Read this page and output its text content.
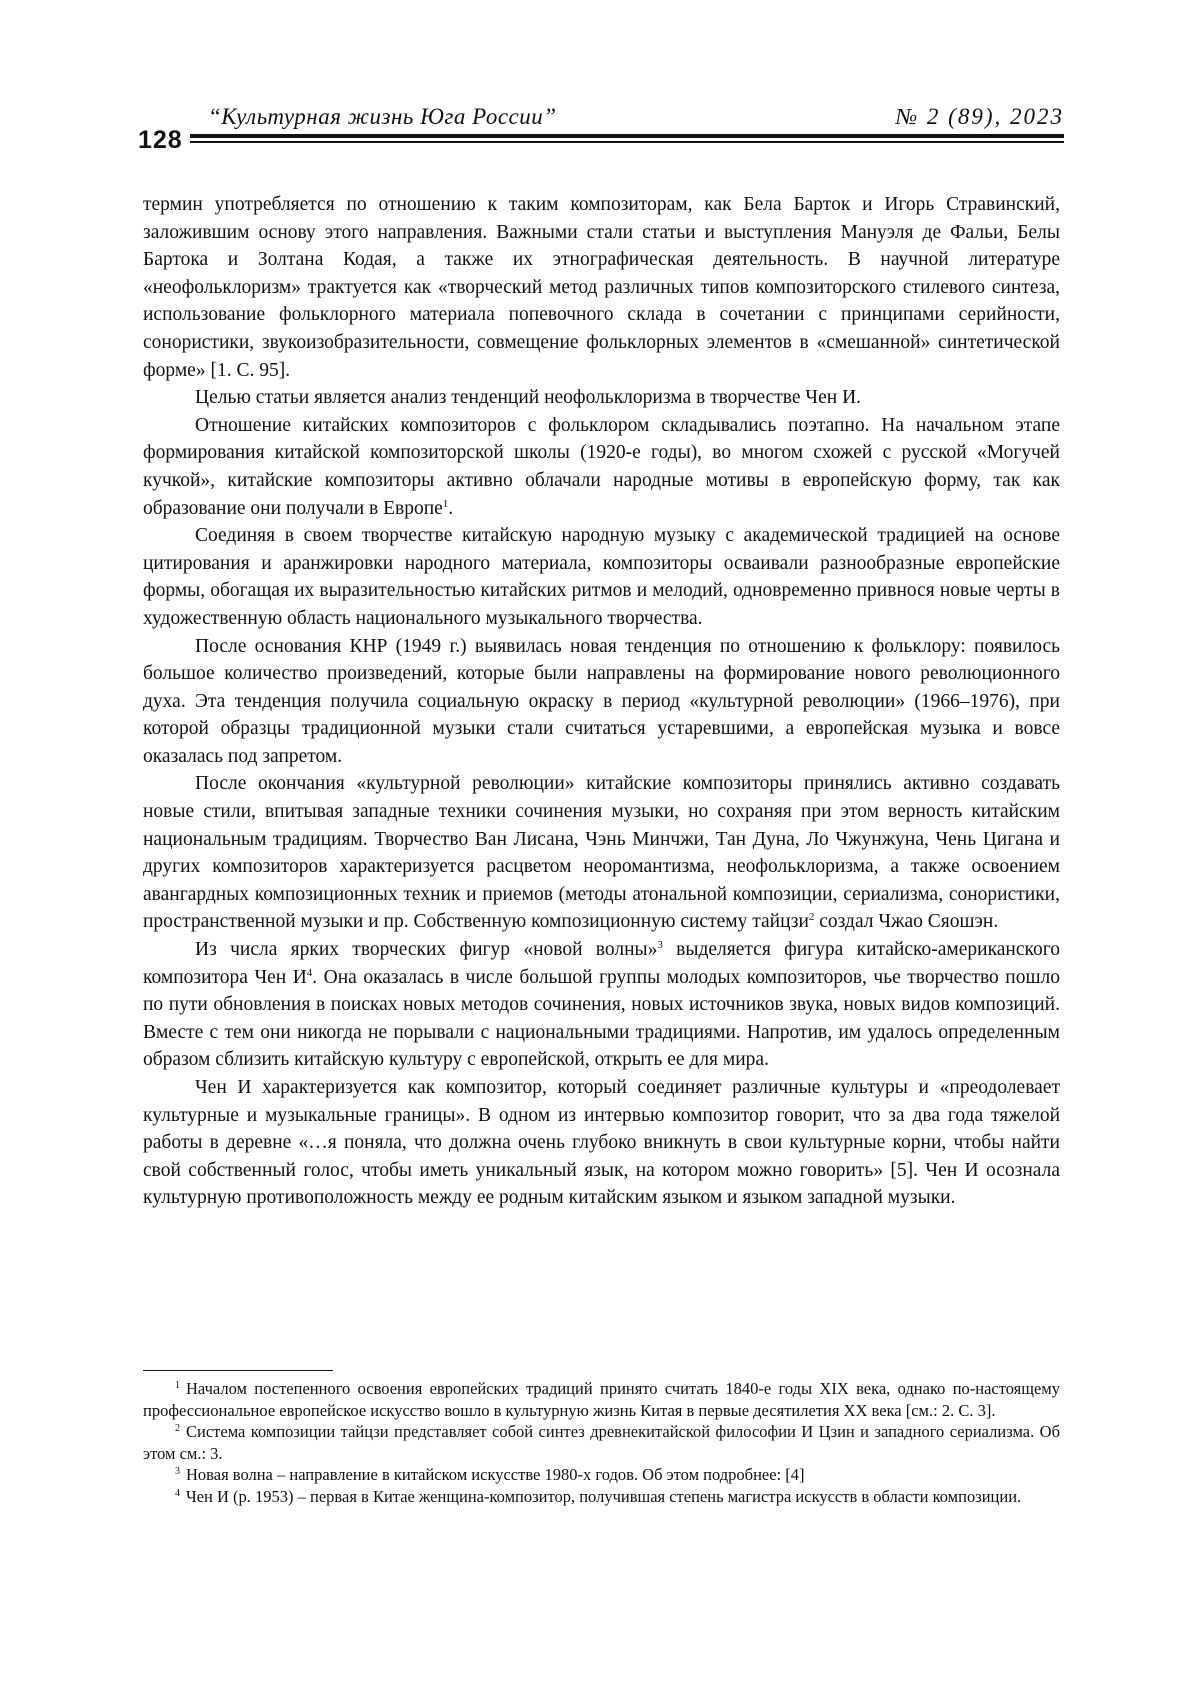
128
“Культурная жизнь Юга России”	№ 2 (89), 2023

термин употребляется по отношению к таким композиторам, как Бела Барток и Игорь Стравинский, заложившим основу этого направления. Важными стали статьи и выступления Мануэля де Фальи, Белы Бартока и Золтана Кодая, а также их этнографическая деятельность. В научной литературе «неофольклоризм» трактуется как «творческий метод различных типов композиторского стилевого синтеза, использование фольклорного материала попевочного склада в сочетании с принципами серийности, сонористики, звукоизобразительности, совмещение фольклорных элементов в «смешанной» синтетической форме» [1. С. 95].

Целью статьи является анализ тенденций неофольклоризма в творчестве Чен И.

Отношение китайских композиторов с фольклором складывались поэтапно. На начальном этапе формирования китайской композиторской школы (1920-е годы), во многом схожей с русской «Могучей кучкой», китайские композиторы активно облачали народные мотивы в европейскую форму, так как образование они получали в Европе1.

Соединяя в своем творчестве китайскую народную музыку с академической традицией на основе цитирования и аранжировки народного материала, композиторы осваивали разнообразные европейские формы, обогащая их выразительностью китайских ритмов и мелодий, одновременно привнося новые черты в художественную область национального музыкального творчества.

После основания КНР (1949 г.) выявилась новая тенденция по отношению к фольклору: появилось большое количество произведений, которые были направлены на формирование нового революционного духа. Эта тенденция получила социальную окраску в период «культурной революции» (1966–1976), при которой образцы традиционной музыки стали считаться устаревшими, а европейская музыка и вовсе оказалась под запретом.

После окончания «культурной революции» китайские композиторы принялись активно создавать новые стили, впитывая западные техники сочинения музыки, но сохраняя при этом верность китайским национальным традициям. Творчество Ван Лисана, Чэнь Минчжи, Тан Дуна, Ло Чжунжуна, Чень Цигана и других композиторов характеризуется расцветом неоромантизма, неофольклоризма, а также освоением авангардных композиционных техник и приемов (методы атональной композиции, сериализма, сонористики, пространственной музыки и пр. Собственную композиционную систему тайцзи2 создал Чжао Сяошэн.

Из числа ярких творческих фигур «новой волны»3 выделяется фигура китайско-американского композитора Чен И4. Она оказалась в числе большой группы молодых композиторов, чье творчество пошло по пути обновления в поисках новых методов сочинения, новых источников звука, новых видов композиций. Вместе с тем они никогда не порывали с национальными традициями. Напротив, им удалось определенным образом сблизить китайскую культуру с европейской, открыть ее для мира.

Чен И характеризуется как композитор, который соединяет различные культуры и «преодолевает культурные и музыкальные границы». В одном из интервью композитор говорит, что за два года тяжелой работы в деревне «…я поняла, что должна очень глубоко вникнуть в свои культурные корни, чтобы найти свой собственный голос, чтобы иметь уникальный язык, на котором можно говорить» [5]. Чен И осознала культурную противоположность между ее родным китайским языком и языком западной музыки.

1 Началом постепенного освоения европейских традиций принято считать 1840-е годы XIX века, однако по-настоящему профессиональное европейское искусство вошло в культурную жизнь Китая в первые десятилетия XX века [см.: 2. С. 3].

2 Система композиции тайцзи представляет собой синтез древнекитайской философии И Цзин и западного сериализма. Об этом см.: 3.

3 Новая волна – направление в китайском искусстве 1980-х годов. Об этом подробнее: [4]

4 Чен И (р. 1953) – первая в Китае женщина-композитор, получившая степень магистра искусств в области композиции.
